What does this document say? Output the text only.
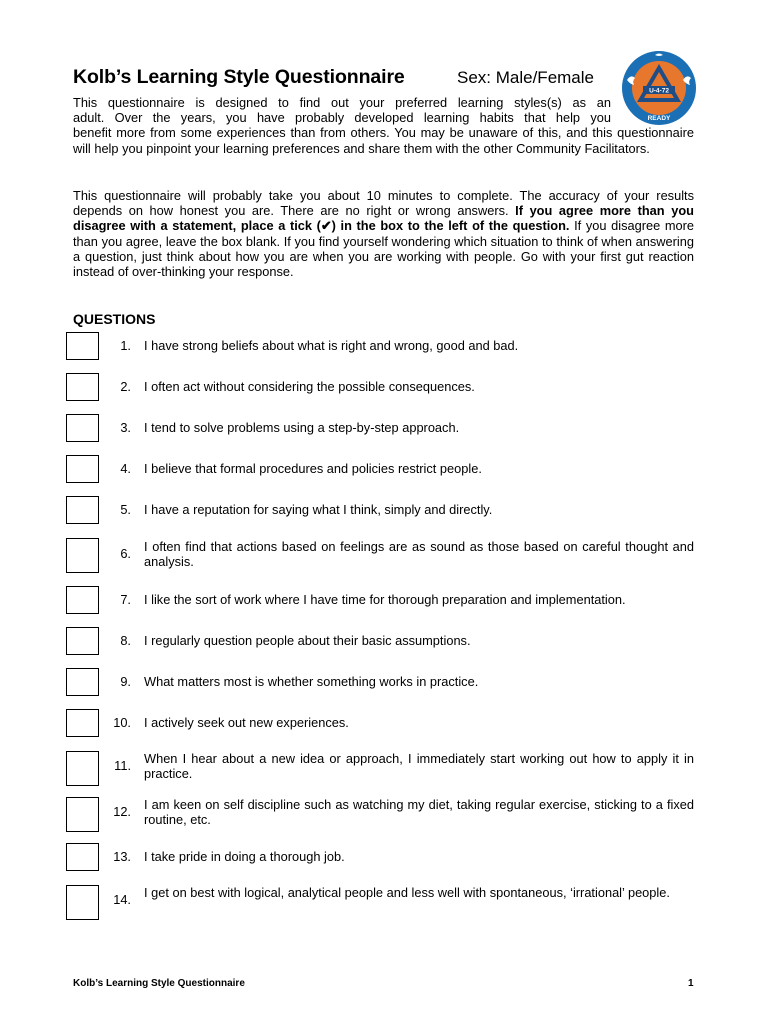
Kolb’s Learning Style Questionnaire	Sex: Male/Female
U-4-72
READY
This questionnaire is designed to find out your preferred learning styles(s) as an
adult. Over the years, you have probably developed learning habits that help you
benefit more from some experiences than from others. You may be unaware of this, and this questionnaire will help you pinpoint your learning preferences and share them with the other Community Facilitators.
This questionnaire will probably take you about 10 minutes to complete. The accuracy of your results depends on how honest you are. There are no right or wrong answers. If you agree more than you disagree with a statement, place a tick (✔) in the box to the left of the question. If you disagree more than you agree, leave the box blank. If you find yourself wondering which situation to think of when answering a question, just think about how you are when you are working with people. Go with your first gut reaction instead of over-thinking your response.
QUESTIONS
1. I have strong beliefs about what is right and wrong, good and bad.
2. I often act without considering the possible consequences.
3. I tend to solve problems using a step-by-step approach.
4. I believe that formal procedures and policies restrict people.
5. I have a reputation for saying what I think, simply and directly.
6. I often find that actions based on feelings are as sound as those based on careful thought and analysis.
7. I like the sort of work where I have time for thorough preparation and implementation.
8. I regularly question people about their basic assumptions.
9. What matters most is whether something works in practice.
10. I actively seek out new experiences.
11. When I hear about a new idea or approach, I immediately start working out how to apply it in practice.
12. I am keen on self discipline such as watching my diet, taking regular exercise, sticking to a fixed routine, etc.
13. I take pride in doing a thorough job.
14. I get on best with logical, analytical people and less well with spontaneous, ‘irrational’ people.
Kolb’s Learning Style Questionnaire	1
